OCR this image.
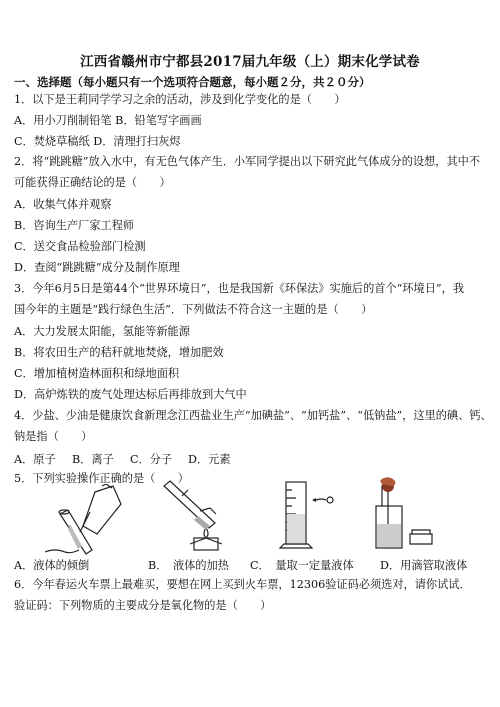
江西省赣州市宁都县2017届九年级（上）期末化学试卷
一、选择题（每小题只有一个选项符合题意，每小题２分，共２０分）
1．以下是王莉同学学习之余的活动，涉及到化学变化的是（　　）
A．用小刀削制铅笔 B．铅笔写字画画
C．焚烧草稿纸 D．清理打扫灰烬
2．将“跳跳糖”放入水中，有无色气体产生．小军同学提出以下研究此气体成分的设想，其中不
可能获得正确结论的是（　　）
A．收集气体并观察
B．咨询生产厂家工程师
C．送交食品检验部门检测
D．查阅“跳跳糖”成分及制作原理
3．今年6月5日是第44个“世界环境日”，也是我国新《环保法》实施后的首个“环境日”，我
国今年的主题是“践行绿色生活”．下列做法不符合这一主题的是（　　）
A．大力发展太阳能，氢能等新能源
B．将农田生产的秸秆就地焚烧，增加肥效
C．增加植树造林面积和绿地面积
D．高炉炼铁的废气处理达标后再排放到大气中
4．少盐、少油是健康饮食新理念江西盐业生产“加碘盐”、“加钙盐”、“低钠盐”，这里的碘、钙、
钠是指（　　）
A．原子 B．离子 C．分子 D．元素
5．下列实验操作正确的是（　　）
A．液体的倾倒	B．　液体的加热 C．　量取一定量液体 D．用滴管取液体
6．今年春运火车票上最难买，要想在网上买到火车票，12306验证码必须选对，请你试试．
验证码：下列物质的主要成分是氧化物的是（　　）
